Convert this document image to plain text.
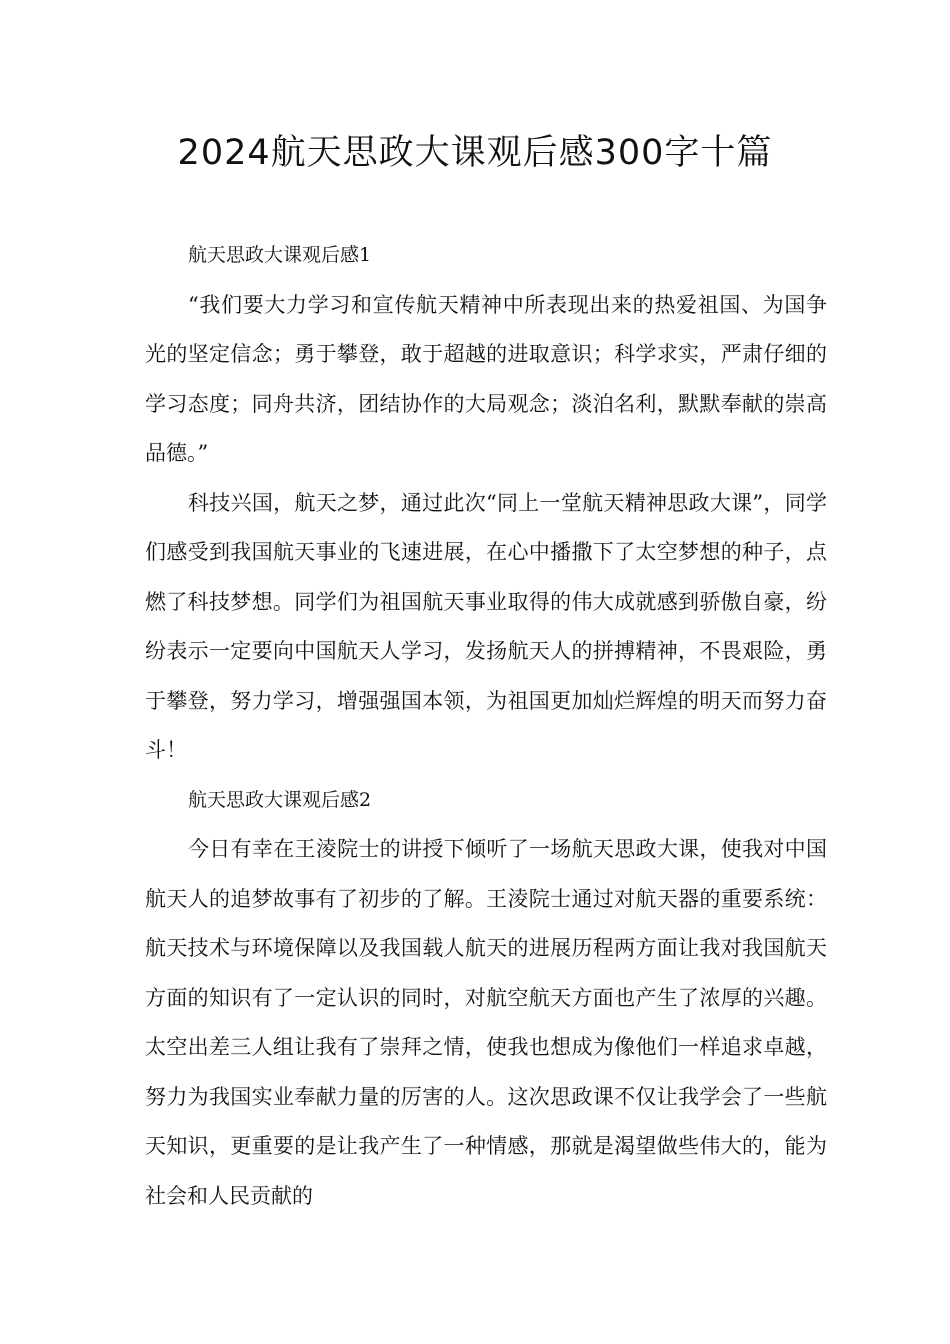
2024航天思政大课观后感300字十篇

航天思政大课观后感1

“我们要大力学习和宣传航天精神中所表现出来的热爱祖国、为国争光的坚定信念；勇于攀登，敢于超越的进取意识；科学求实，严肃仔细的学习态度；同舟共济，团结协作的大局观念；淡泊名利，默默奉献的崇高品德。”

科技兴国，航天之梦，通过此次“同上一堂航天精神思政大课”，同学们感受到我国航天事业的飞速进展，在心中播撒下了太空梦想的种子，点燃了科技梦想。同学们为祖国航天事业取得的伟大成就感到骄傲自豪，纷纷表示一定要向中国航天人学习，发扬航天人的拼搏精神，不畏艰险，勇于攀登，努力学习，增强强国本领，为祖国更加灿烂辉煌的明天而努力奋斗！

航天思政大课观后感2

今日有幸在王淩院士的讲授下倾听了一场航天思政大课，使我对中国航天人的追梦故事有了初步的了解。王淩院士通过对航天器的重要系统：航天技术与环境保障以及我国载人航天的进展历程两方面让我对我国航天方面的知识有了一定认识的同时，对航空航天方面也产生了浓厚的兴趣。太空出差三人组让我有了崇拜之情，使我也想成为像他们一样追求卓越，努力为我国实业奉献力量的厉害的人。这次思政课不仅让我学会了一些航天知识，更重要的是让我产生了一种情感，那就是渴望做些伟大的，能为社会和人民贡献的
